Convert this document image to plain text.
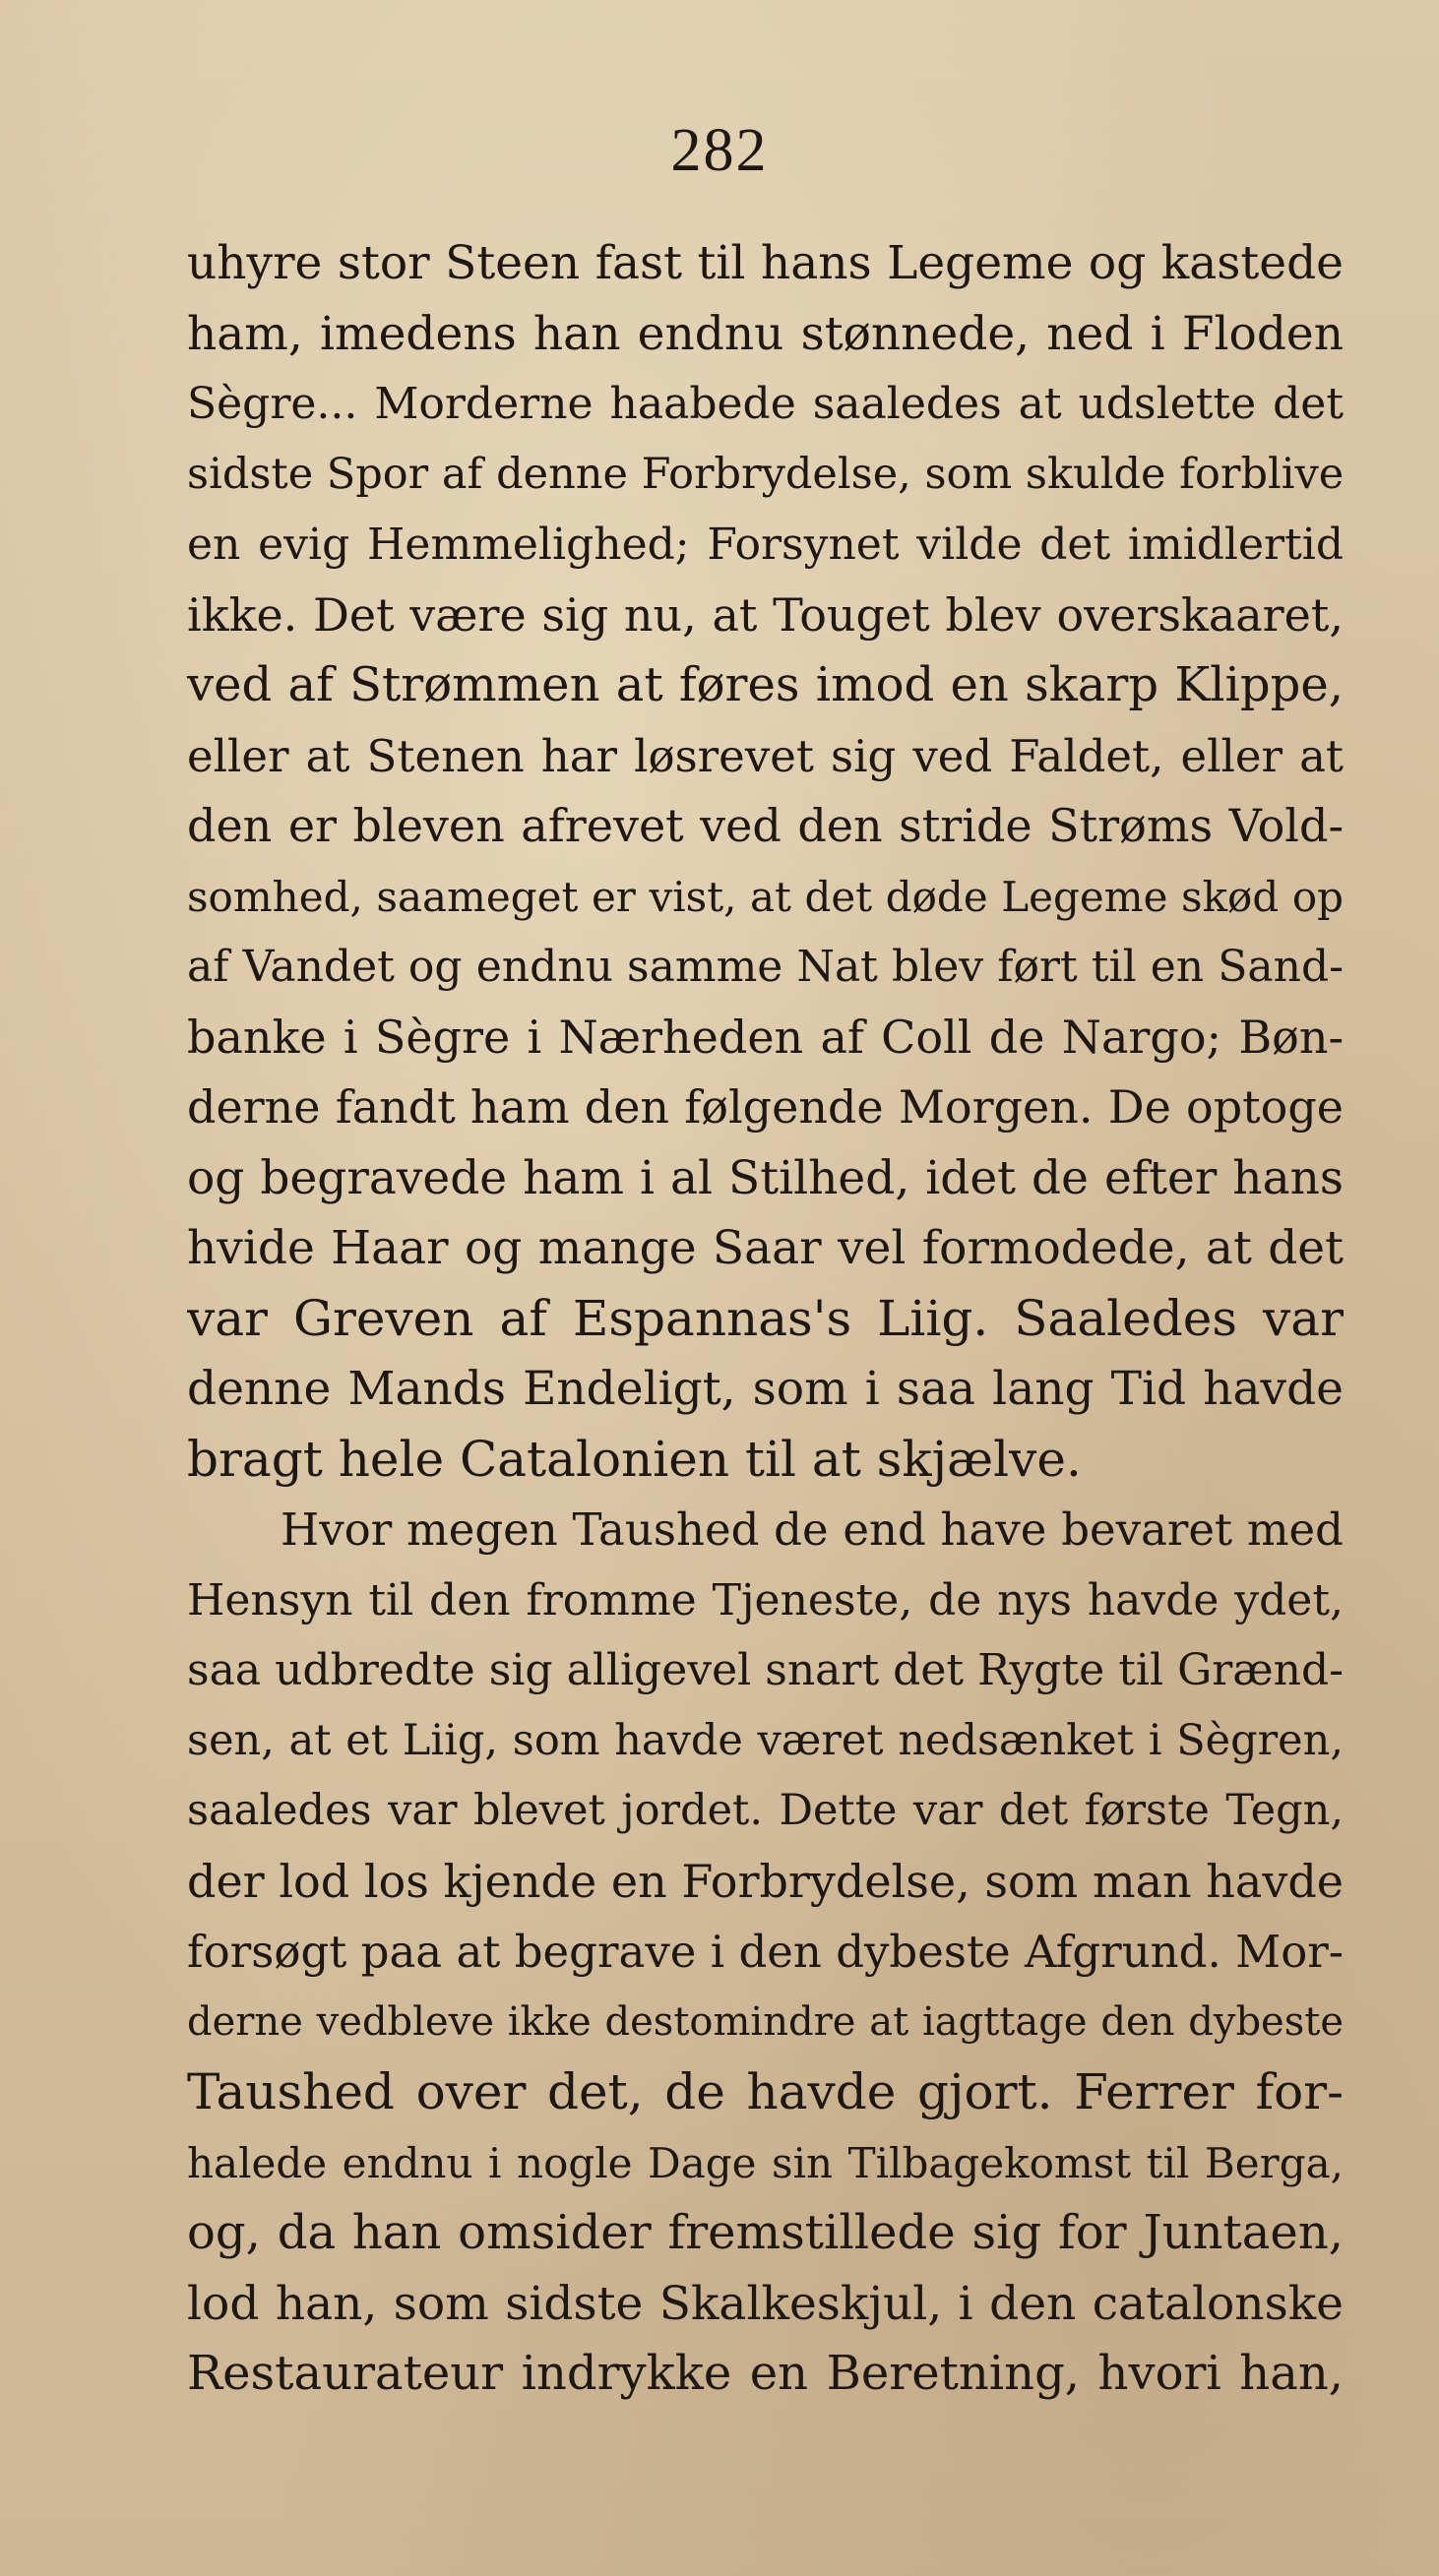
282
uhyre stor Steen fast til hans Legeme og kastede
ham, imedens han endnu stønnede, ned i Floden
Sègre... Morderne haabede saaledes at udslette det
sidste Spor af denne Forbrydelse, som skulde forblive
en evig Hemmelighed; Forsynet vilde det imidlertid
ikke. Det være sig nu, at Touget blev overskaaret,
ved af Strømmen at føres imod en skarp Klippe,
eller at Stenen har løsrevet sig ved Faldet, eller at
den er bleven afrevet ved den stride Strøms Vold-
somhed, saameget er vist, at det døde Legeme skød op
af Vandet og endnu samme Nat blev ført til en Sand-
banke i Sègre i Nærheden af Coll de Nargo; Bøn-
derne fandt ham den følgende Morgen. De optoge
og begravede ham i al Stilhed, idet de efter hans
hvide Haar og mange Saar vel formodede, at det
var Greven af Espannas's Liig. Saaledes var
denne Mands Endeligt, som i saa lang Tid havde
bragt hele Catalonien til at skjælve.
Hvor megen Taushed de end have bevaret med
Hensyn til den fromme Tjeneste, de nys havde ydet,
saa udbredte sig alligevel snart det Rygte til Grænd-
sen, at et Liig, som havde været nedsænket i Sègren,
saaledes var blevet jordet. Dette var det første Tegn,
der lod los kjende en Forbrydelse, som man havde
forsøgt paa at begrave i den dybeste Afgrund. Mor-
derne vedbleve ikke destomindre at iagttage den dybeste
Taushed over det, de havde gjort. Ferrer for-
halede endnu i nogle Dage sin Tilbagekomst til Berga,
og, da han omsider fremstillede sig for Juntaen,
lod han, som sidste Skalkeskjul, i den catalonske
Restaurateur indrykke en Beretning, hvori han,
